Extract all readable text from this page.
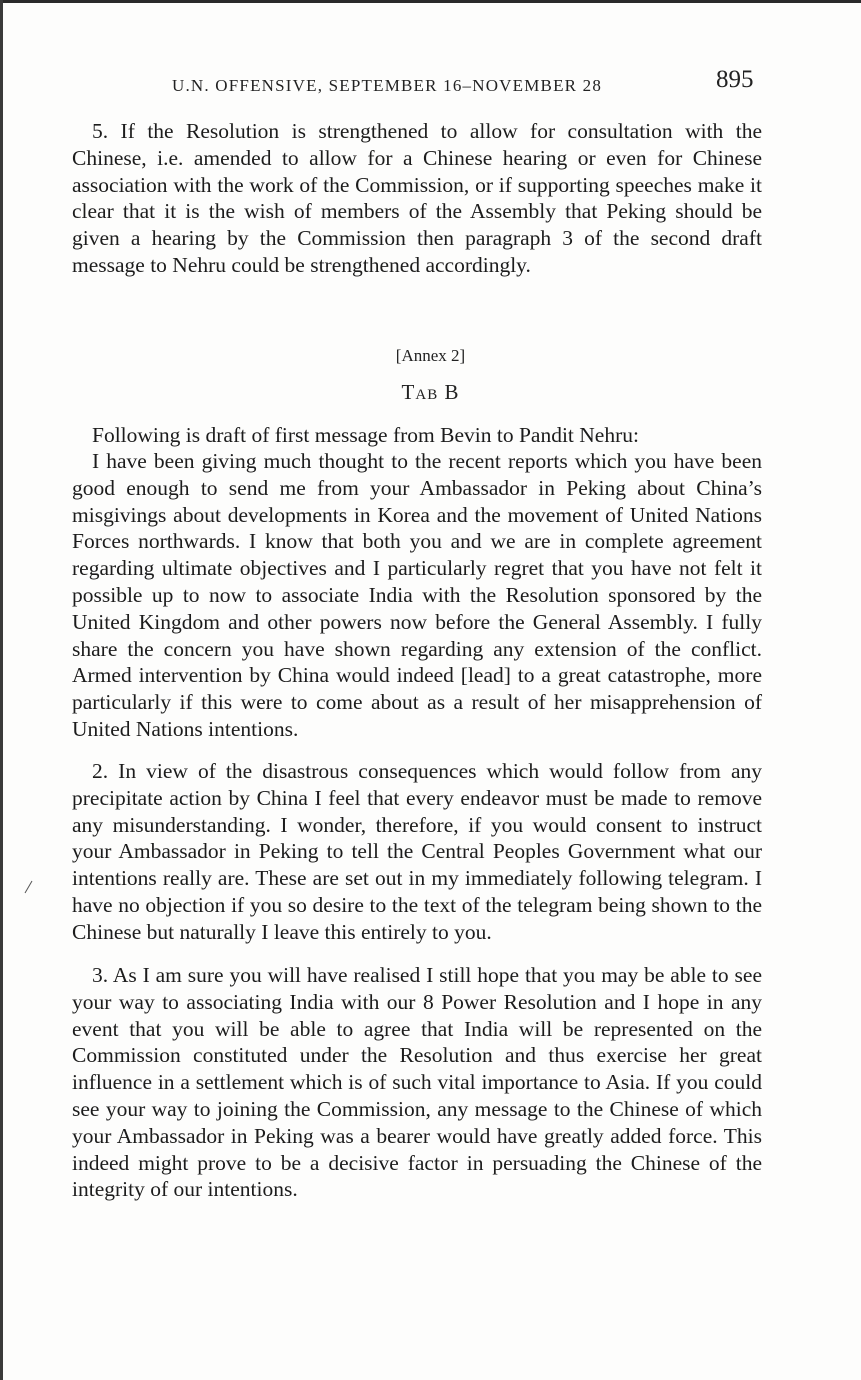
U.N. OFFENSIVE, SEPTEMBER 16–NOVEMBER 28	895
5. If the Resolution is strengthened to allow for consultation with the Chinese, i.e. amended to allow for a Chinese hearing or even for Chinese association with the work of the Commission, or if supporting speeches make it clear that it is the wish of members of the Assembly that Peking should be given a hearing by the Commission then paragraph 3 of the second draft message to Nehru could be strengthened accordingly.
[Annex 2]
Tab B
Following is draft of first message from Bevin to Pandit Nehru:
I have been giving much thought to the recent reports which you have been good enough to send me from your Ambassador in Peking about China’s misgivings about developments in Korea and the movement of United Nations Forces northwards. I know that both you and we are in complete agreement regarding ultimate objectives and I particularly regret that you have not felt it possible up to now to associate India with the Resolution sponsored by the United Kingdom and other powers now before the General Assembly. I fully share the concern you have shown regarding any extension of the conflict. Armed intervention by China would indeed [lead] to a great catastrophe, more particularly if this were to come about as a result of her misapprehension of United Nations intentions.
2. In view of the disastrous consequences which would follow from any precipitate action by China I feel that every endeavor must be made to remove any misunderstanding. I wonder, therefore, if you would consent to instruct your Ambassador in Peking to tell the Central Peoples Government what our intentions really are. These are set out in my immediately following telegram. I have no objection if you so desire to the text of the telegram being shown to the Chinese but naturally I leave this entirely to you.
3. As I am sure you will have realised I still hope that you may be able to see your way to associating India with our 8 Power Resolution and I hope in any event that you will be able to agree that India will be represented on the Commission constituted under the Resolution and thus exercise her great influence in a settlement which is of such vital importance to Asia. If you could see your way to joining the Commission, any message to the Chinese of which your Ambassador in Peking was a bearer would have greatly added force. This indeed might prove to be a decisive factor in persuading the Chinese of the integrity of our intentions.
